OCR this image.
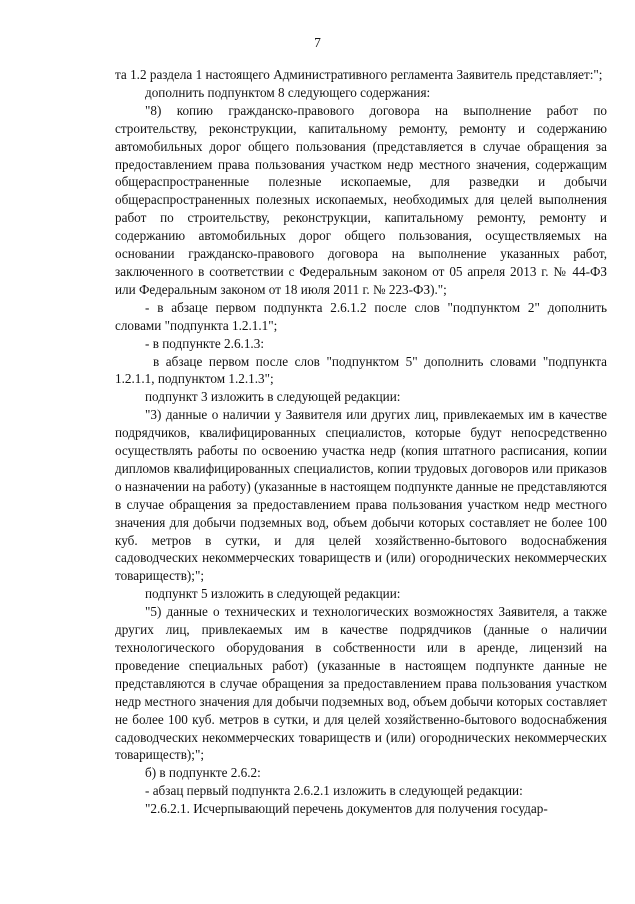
7

та 1.2 раздела 1 настоящего Административного регламента Заявитель представляет:";

дополнить подпунктом 8 следующего содержания:

"8) копию гражданско-правового договора на выполнение работ по строительству, реконструкции, капитальному ремонту, ремонту и содержанию автомобильных дорог общего пользования (представляется в случае обращения за предоставлением права пользования участком недр местного значения, содержащим общераспространенные полезные ископаемые, для разведки и добычи общераспространенных полезных ископаемых, необходимых для целей выполнения работ по строительству, реконструкции, капитальному ремонту, ремонту и содержанию автомобильных дорог общего пользования, осуществляемых на основании гражданско-правового договора на выполнение указанных работ, заключенного в соответствии с Федеральным законом от 05 апреля 2013 г. № 44-ФЗ или Федеральным законом от 18 июля 2011 г. № 223-ФЗ).";

- в абзаце первом подпункта 2.6.1.2 после слов "подпунктом 2" дополнить словами "подпункта 1.2.1.1";

- в подпункте 2.6.1.3:

в абзаце первом после слов "подпунктом 5" дополнить словами "подпункта 1.2.1.1, подпунктом 1.2.1.3";

подпункт 3 изложить в следующей редакции:

"3) данные о наличии у Заявителя или других лиц, привлекаемых им в качестве подрядчиков, квалифицированных специалистов, которые будут непосредственно осуществлять работы по освоению участка недр (копия штатного расписания, копии дипломов квалифицированных специалистов, копии трудовых договоров или приказов о назначении на работу) (указанные в настоящем подпункте данные не представляются в случае обращения за предоставлением права пользования участком недр местного значения для добычи подземных вод, объем добычи которых составляет не более 100 куб. метров в сутки, и для целей хозяйственно-бытового водоснабжения садоводческих некоммерческих товариществ и (или) огороднических некоммерческих товариществ);";

подпункт 5 изложить в следующей редакции:

"5) данные о технических и технологических возможностях Заявителя, а также других лиц, привлекаемых им в качестве подрядчиков (данные о наличии технологического оборудования в собственности или в аренде, лицензий на проведение специальных работ) (указанные в настоящем подпункте данные не представляются в случае обращения за предоставлением права пользования участком недр местного значения для добычи подземных вод, объем добычи которых составляет не более 100 куб. метров в сутки, и для целей хозяйственно-бытового водоснабжения садоводческих некоммерческих товариществ и (или) огороднических некоммерческих товариществ);";

б) в подпункте 2.6.2:

- абзац первый подпункта 2.6.2.1 изложить в следующей редакции:

"2.6.2.1. Исчерпывающий перечень документов для получения государ-
